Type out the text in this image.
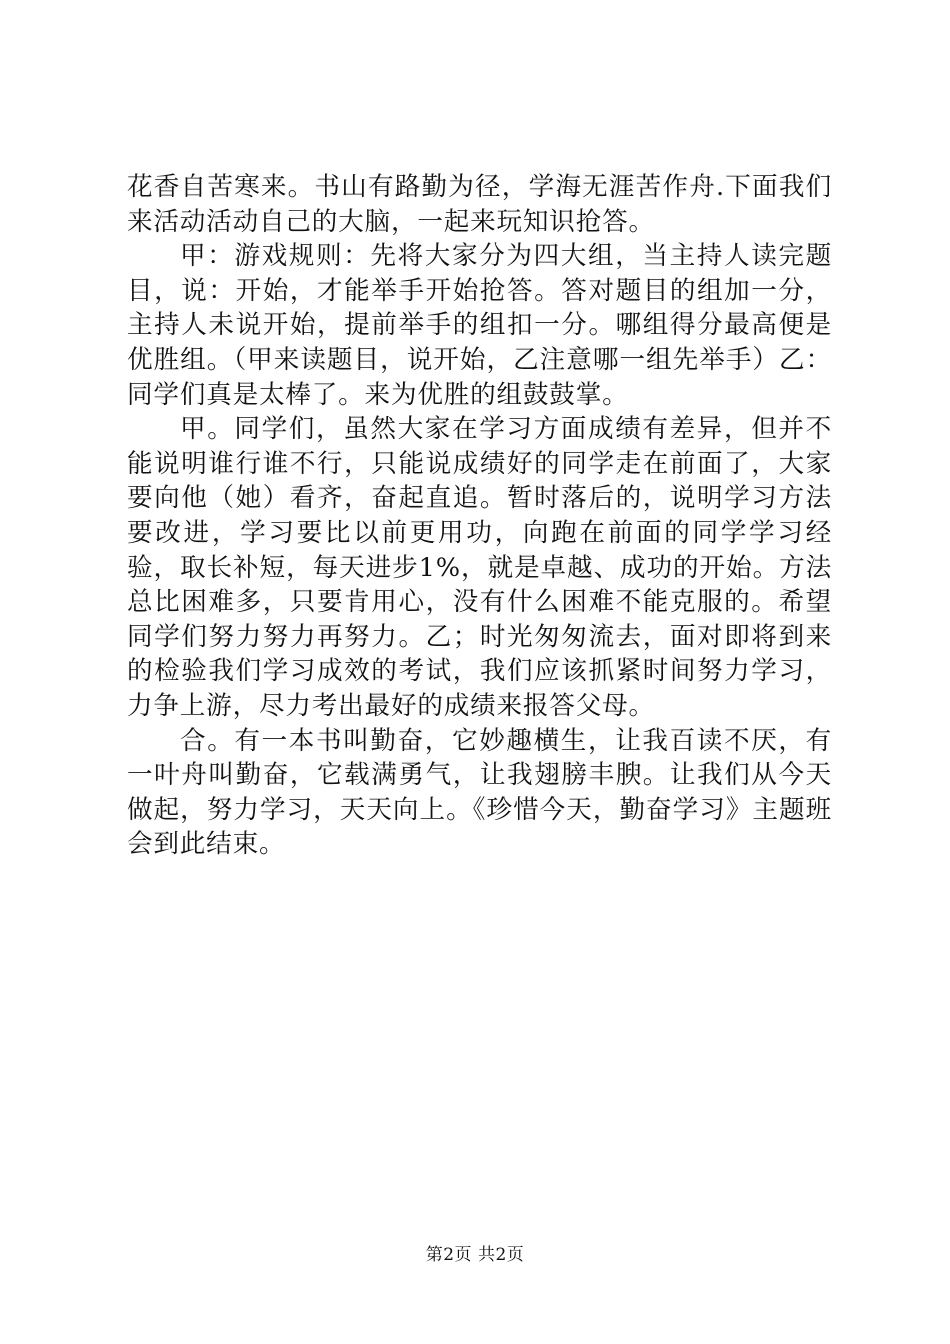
花香自苦寒来。书山有路勤为径，学海无涯苦作舟.下面我们来活动活动自己的大脑，一起来玩知识抢答。

甲：游戏规则：先将大家分为四大组，当主持人读完题目，说：开始，才能举手开始抢答。答对题目的组加一分，主持人未说开始，提前举手的组扣一分。哪组得分最高便是优胜组。（甲来读题目，说开始，乙注意哪一组先举手）乙：同学们真是太棒了。来为优胜的组鼓鼓掌。

甲。同学们，虽然大家在学习方面成绩有差异，但并不能说明谁行谁不行，只能说成绩好的同学走在前面了，大家要向他（她）看齐，奋起直追。暂时落后的，说明学习方法要改进，学习要比以前更用功，向跑在前面的同学学习经验，取长补短，每天进步1%，就是卓越、成功的开始。方法总比困难多，只要肯用心，没有什么困难不能克服的。希望同学们努力努力再努力。乙；时光匆匆流去，面对即将到来的检验我们学习成效的考试，我们应该抓紧时间努力学习，力争上游，尽力考出最好的成绩来报答父母。

合。有一本书叫勤奋，它妙趣横生，让我百读不厌，有一叶舟叫勤奋，它载满勇气，让我翅膀丰腴。让我们从今天做起，努力学习，天天向上。《珍惜今天，勤奋学习》主题班会到此结束。

第2页 共2页
